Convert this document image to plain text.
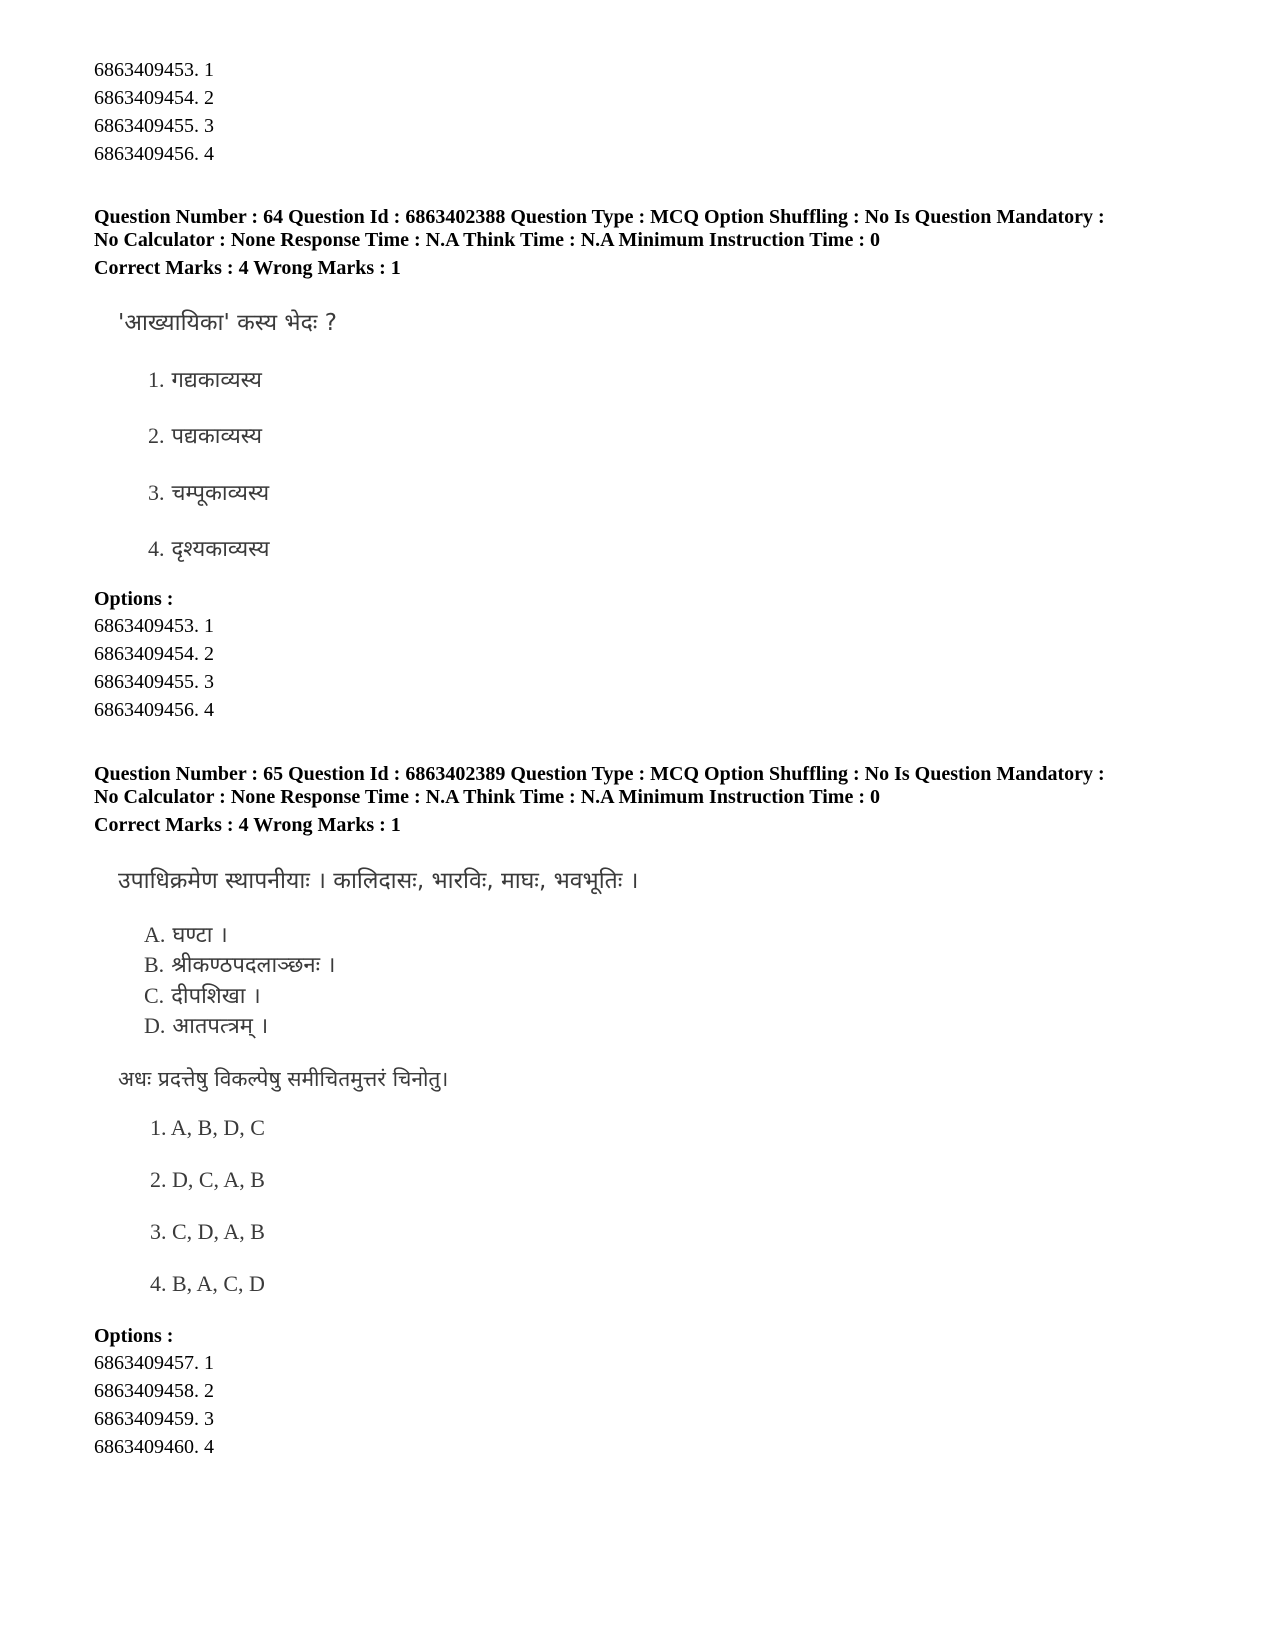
6863409453. 1
6863409454. 2
6863409455. 3
6863409456. 4
Question Number : 64 Question Id : 6863402388 Question Type : MCQ Option Shuffling : No Is Question Mandatory :
No Calculator : None Response Time : N.A Think Time : N.A Minimum Instruction Time : 0
Correct Marks : 4 Wrong Marks : 1
'आख्यायिका' कस्य भेदः ?
1. गद्यकाव्यस्य
2. पद्यकाव्यस्य
3. चम्पूकाव्यस्य
4. दृश्यकाव्यस्य
Options :
6863409453. 1
6863409454. 2
6863409455. 3
6863409456. 4
Question Number : 65 Question Id : 6863402389 Question Type : MCQ Option Shuffling : No Is Question Mandatory :
No Calculator : None Response Time : N.A Think Time : N.A Minimum Instruction Time : 0
Correct Marks : 4 Wrong Marks : 1
उपाधिक्रमेण स्थापनीयाः । कालिदासः, भारविः, माघः, भवभूतिः ।
A. घण्टा ।
B. श्रीकण्ठपदलाञ्छनः ।
C. दीपशिखा ।
D. आतपत्त्रम् ।
अधः प्रदत्तेषु विकल्पेषु समीचितमुत्तरं चिनोतु।
1. A, B, D, C
2. D, C, A, B
3. C, D, A, B
4. B, A, C, D
Options :
6863409457. 1
6863409458. 2
6863409459. 3
6863409460. 4
